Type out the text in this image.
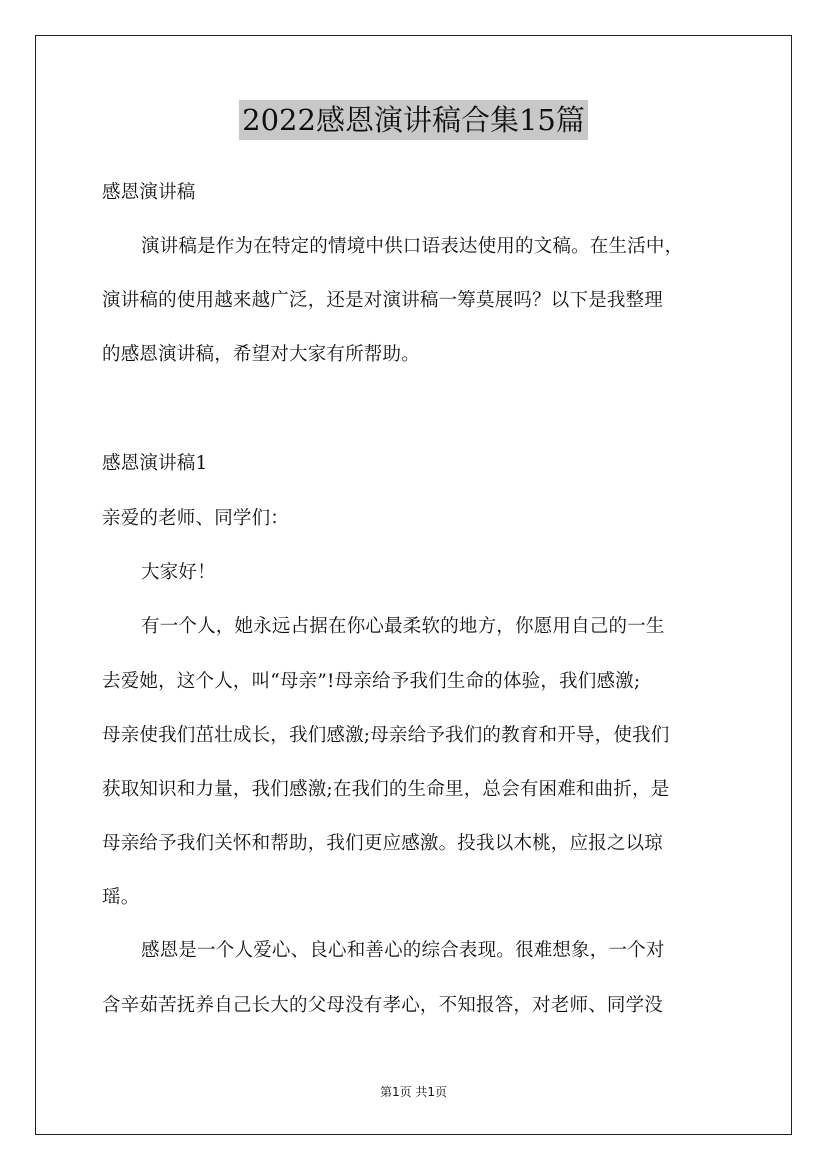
2022感恩演讲稿合集15篇
感恩演讲稿
演讲稿是作为在特定的情境中供口语表达使用的文稿。在生活中，
演讲稿的使用越来越广泛，还是对演讲稿一筹莫展吗？以下是我整理
的感恩演讲稿，希望对大家有所帮助。
感恩演讲稿1
亲爱的老师、同学们：
大家好！
有一个人，她永远占据在你心最柔软的地方，你愿用自己的一生
去爱她，这个人，叫“母亲”!母亲给予我们生命的体验，我们感激;
母亲使我们茁壮成长，我们感激;母亲给予我们的教育和开导，使我们
获取知识和力量，我们感激;在我们的生命里，总会有困难和曲折，是
母亲给予我们关怀和帮助，我们更应感激。投我以木桃，应报之以琼
瑶。
感恩是一个人爱心、良心和善心的综合表现。很难想象，一个对
含辛茹苦抚养自己长大的父母没有孝心，不知报答，对老师、同学没
第1页 共1页
